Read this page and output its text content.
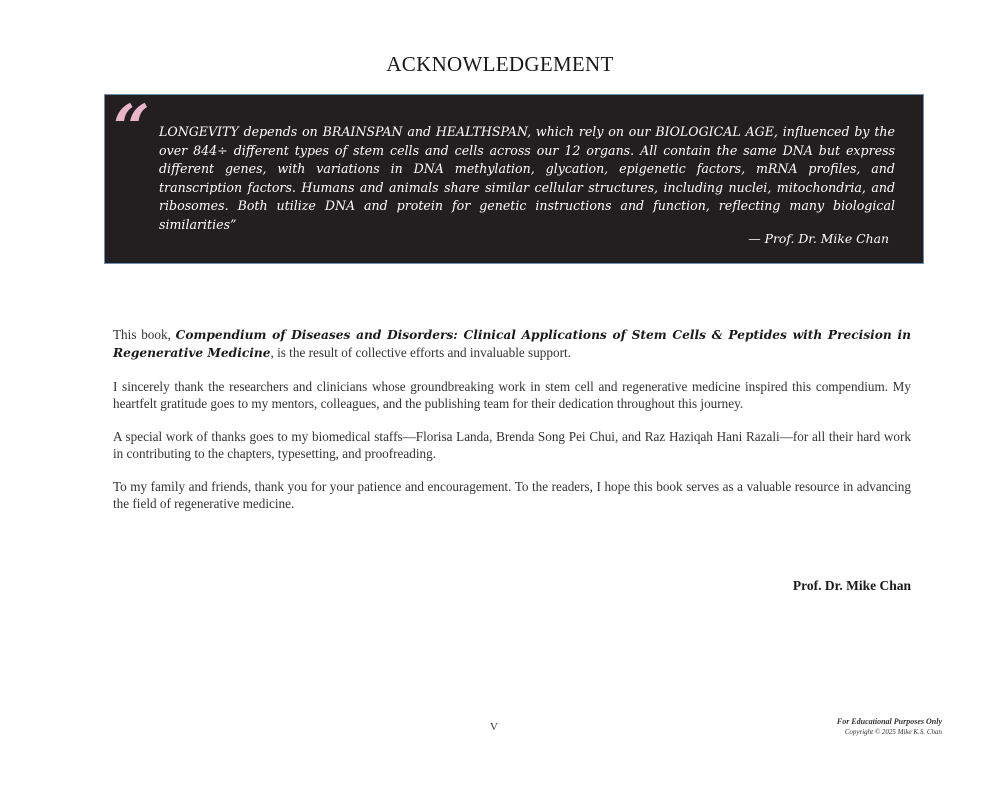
ACKNOWLEDGEMENT
“ LONGEVITY depends on BRAINSPAN and HEALTHSPAN, which rely on our BIOLOGICAL AGE, influenced by the over 844÷ different types of stem cells and cells across our 12 organs. All contain the same DNA but express different genes, with variations in DNA methylation, glycation, epigenetic factors, mRNA profiles, and transcription factors. Humans and animals share similar cellular structures, including nuclei, mitochondria, and ribosomes. Both utilize DNA and protein for genetic instructions and function, reflecting many biological similarities”
— Prof. Dr. Mike Chan

This book, Compendium of Diseases and Disorders: Clinical Applications of Stem Cells & Peptides with Precision in Regenerative Medicine, is the result of collective efforts and invaluable support.

I sincerely thank the researchers and clinicians whose groundbreaking work in stem cell and regenerative medicine inspired this compendium. My heartfelt gratitude goes to my mentors, colleagues, and the publishing team for their dedication throughout this journey.

A special work of thanks goes to my biomedical staffs—Florisa Landa, Brenda Song Pei Chui, and Raz Haziqah Hani Razali—for all their hard work in contributing to the chapters, typesetting, and proofreading.

To my family and friends, thank you for your patience and encouragement. To the readers, I hope this book serves as a valuable resource in advancing the field of regenerative medicine.

Prof. Dr. Mike Chan
V	For Educational Purposes Only
Copyright © 2025 Mike K.S. Chan
